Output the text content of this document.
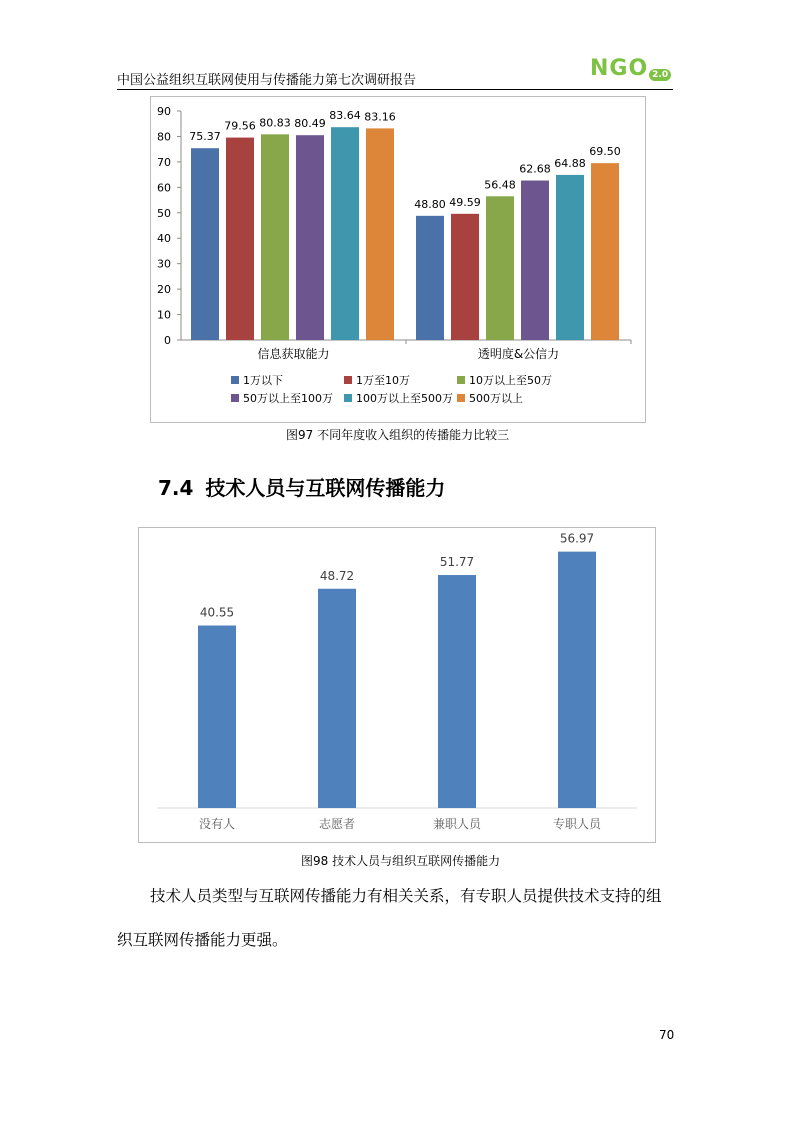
中国公益组织互联网使用与传播能力第七次调研报告	NGO 2.0
0
10
20
30
40
50
60
70
80
90
75.37
79.56 80.83 80.49
83.64 83.16
信息获取能力
48.80 49.59
56.48
62.68 64.88
69.50
透明度&公信力
1万以下	1万至10万	10万以上至50万
50万以上至100万 100万以上至500万 500万以上
图97 不同年度收入组织的传播能力比较三
7.4 技术人员与互联网传播能力
40.55
没有人
48.72
志愿者
51.77
兼职人员
56.97
专职人员
图98 技术人员与组织互联网传播能力
技术人员类型与互联网传播能力有相关关系，有专职人员提供技术支持的组
织互联网传播能力更强。
70
